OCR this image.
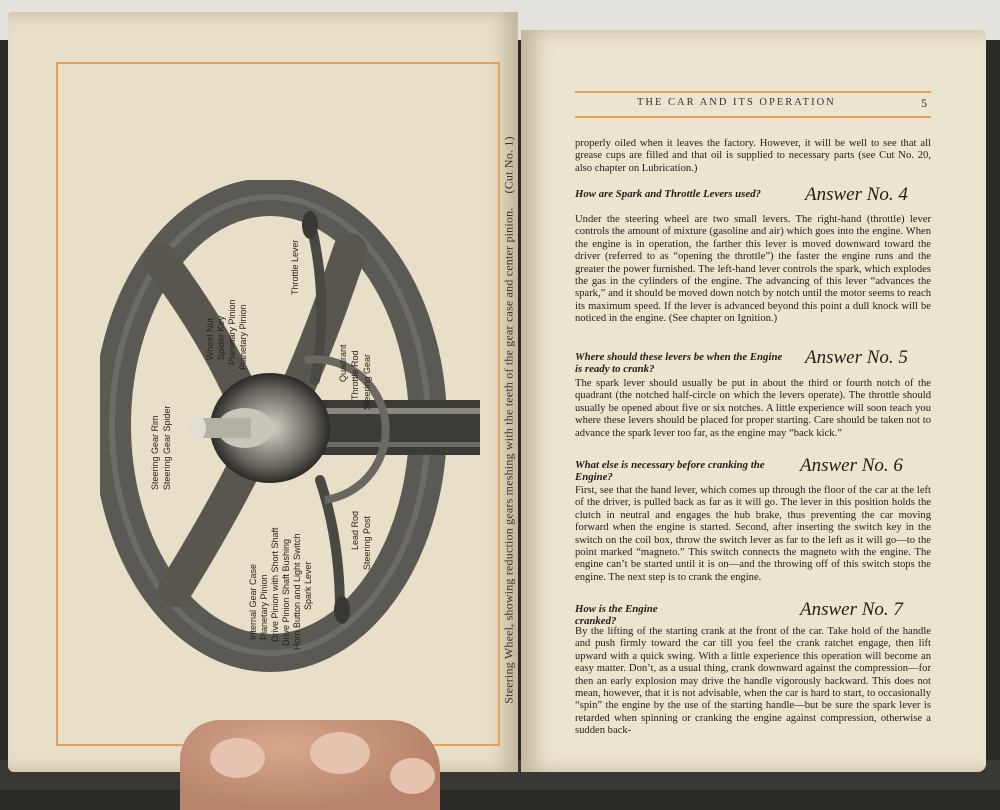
Throttle Lever
Wheel Nut Spider Key Planetary Pinion Planetary Pinion	Quadrant Throttle Rod Steering Gear
Steering Gear Rim Steering Gear Spider
Internal Gear Case Planetary Pinion Drive Pinion with Short Shaft Drive Pinion Shaft Bushing Horn Button and Light Switch Spark Lever
Lead Rod Steering Post	Steering Wheel, showing reduction gears meshing with the teeth of the gear case and center pinion.(Cut No. 1)
THE CAR AND ITS OPERATION	5
properly oiled when it leaves the factory. However, it will be well to see that all grease cups are filled and that oil is supplied to necessary parts (see Cut No. 20, also chapter on Lubrication.)
How are Spark and Throttle Levers used?	Answer No. 4
Under the steering wheel are two small levers. The right-hand (throttle) lever controls the amount of mixture (gasoline and air) which goes into the engine. When the engine is in operation, the farther this lever is moved downward toward the driver (referred to as “opening the throttle”) the faster the engine runs and the greater the power furnished. The left-hand lever controls the spark, which explodes the gas in the cylinders of the engine. The advancing of this lever “advances the spark,” and it should be moved down notch by notch until the motor seems to reach its maximum speed. If the lever is advanced beyond this point a dull knock will be noticed in the engine. (See chapter on Ignition.)
Where should these levers be when the Engine is ready to crank?
Answer No. 5
The spark lever should usually be put in about the third or fourth notch of the quadrant (the notched half-circle on which the levers operate). The throttle should usually be opened about five or six notches. A little experience will soon teach you where these levers should be placed for proper starting. Care should be taken not to advance the spark lever too far, as the engine may “back kick.”
What else is necessary before cranking the Engine?
Answer No. 6
First, see that the hand lever, which comes up through the floor of the car at the left of the driver, is pulled back as far as it will go. The lever in this position holds the clutch in neutral and engages the hub brake, thus preventing the car moving forward when the engine is started. Second, after inserting the switch key in the switch on the coil box, throw the switch lever as far to the left as it will go—to the point marked “magneto.” This switch connects the magneto with the engine. The engine can’t be started until it is on—and the throwing off of this switch stops the engine. The next step is to crank the engine.
How is the Engine cranked?
Answer No. 7
By the lifting of the starting crank at the front of the car. Take hold of the handle and push firmly toward the car till you feel the crank ratchet engage, then lift upward with a quick swing. With a little experience this operation will become an easy matter. Don’t, as a usual thing, crank downward against the compression—for then an early explosion may drive the handle vigorously backward. This does not mean, however, that it is not advisable, when the car is hard to start, to occasionally “spin” the engine by the use of the starting handle—but be sure the spark lever is retarded when spinning or cranking the engine against compression, otherwise a sudden back-
